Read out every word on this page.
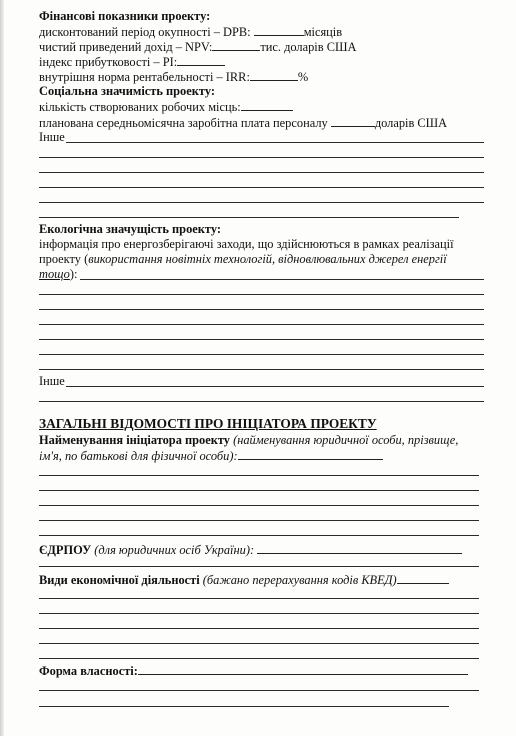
Фінансові показники проекту:
дисконтований період окупності – DPB:	місяців
чистий приведений дохід – NPV:	тис. доларів США
індекс прибутковості – PI:
внутрішня норма рентабельності – IRR:	%
Соціальна значимість проекту:
кількість створюваних робочих місць:
планована середньомісячна заробітна плата персоналу	доларів США
Інше
Екологічна значущість проекту:
інформація про енергозберігаючі заходи, що здійснюються в рамках реалізації
проекту (використання новітніх технологій, відновлювальних джерел енергії
тощо):
Інше
ЗАГАЛЬНІ ВІДОМОСТІ ПРО ІНІЦІАТОРА ПРОЕКТУ
Найменування ініціатора проекту (найменування юридичної особи, прізвище,
ім'я, по батькові для фізичної особи):
ЄДРПОУ (для юридичних осіб України):
Види економічної діяльності (бажано перерахування кодів КВЕД)
Форма власності:
